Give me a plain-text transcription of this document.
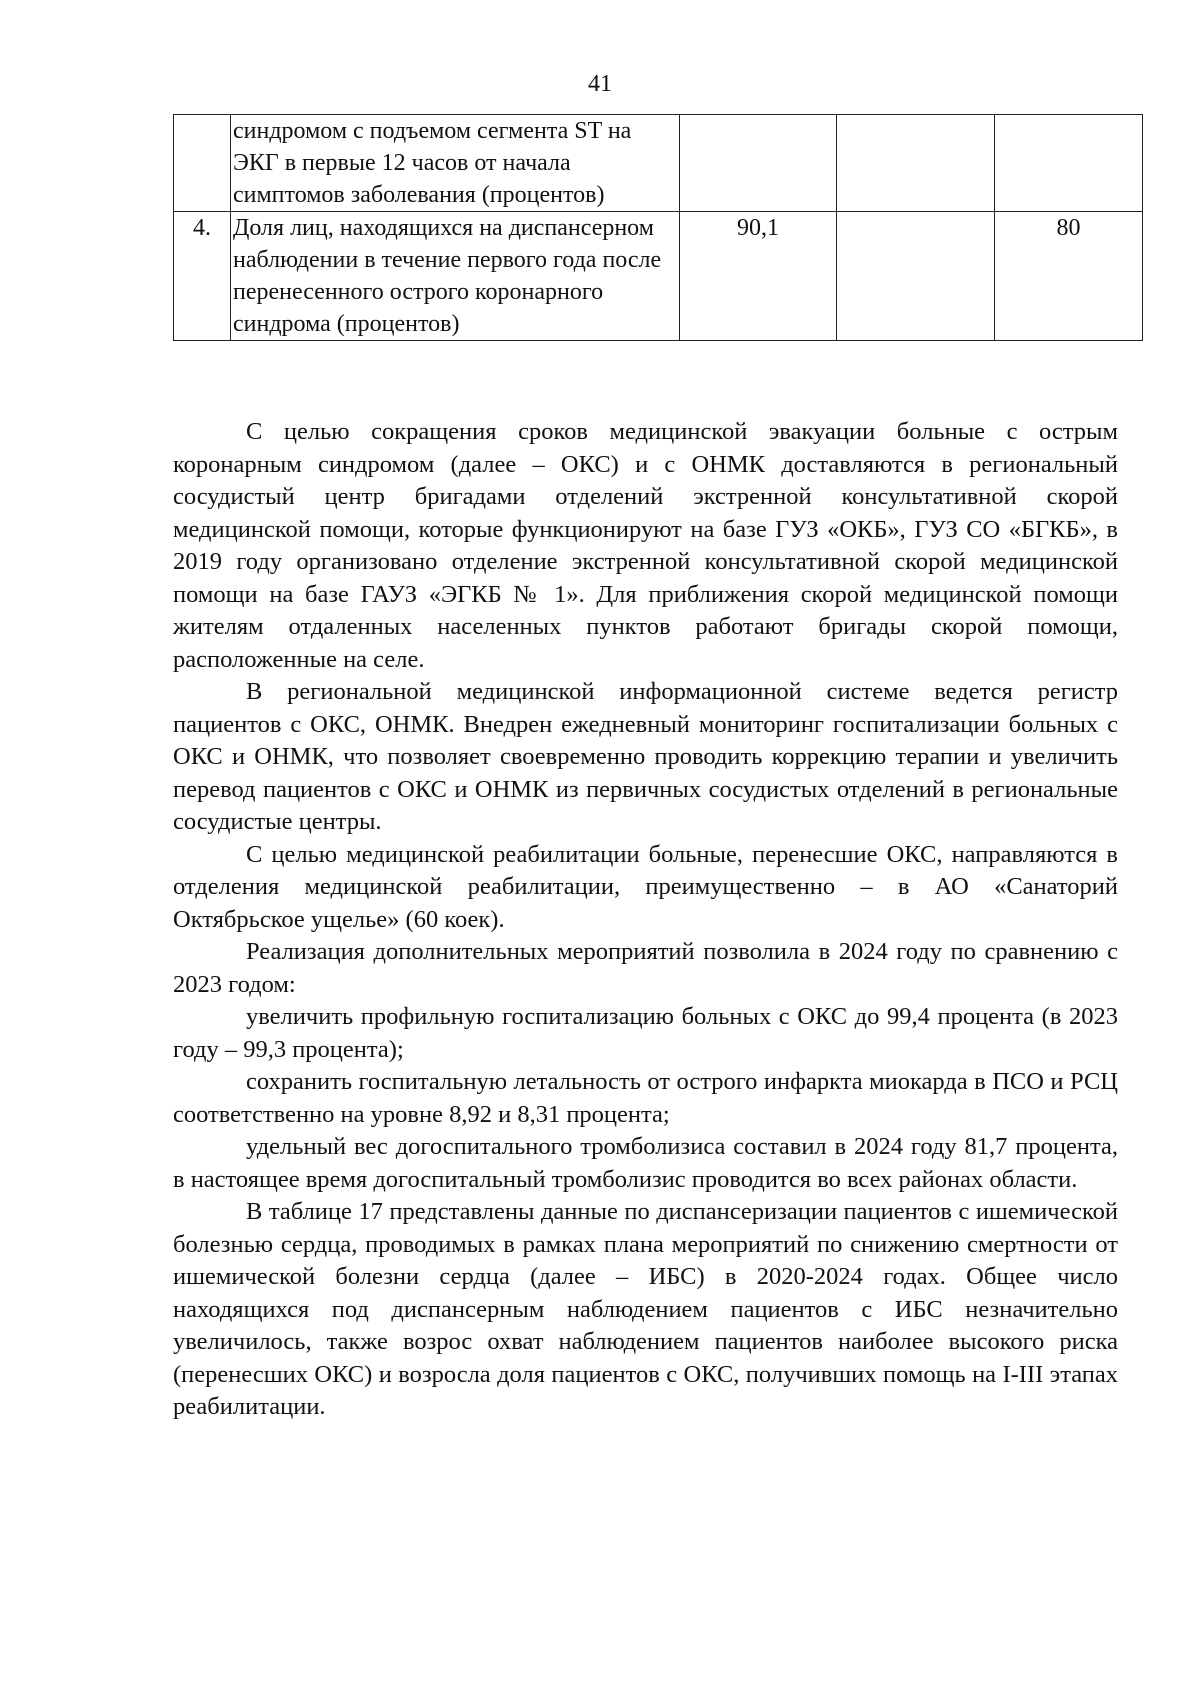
41
	синдромом с подъемом сегмента ST на ЭКГ в первые 12 часов от начала симптомов заболевания (процентов)			
4.	Доля лиц, находящихся на диспансерном наблюдении в течение первого года после перенесенного острого коронарного синдрома (процентов)	90,1		80

С целью сокращения сроков медицинской эвакуации больные с острым коронарным синдромом (далее – ОКС) и с ОНМК доставляются в региональный сосудистый центр бригадами отделений экстренной консультативной скорой медицинской помощи, которые функционируют на базе ГУЗ «ОКБ», ГУЗ СО «БГКБ», в 2019 году организовано отделение экстренной консультативной скорой медицинской помощи на базе ГАУЗ «ЭГКБ № 1». Для приближения скорой медицинской помощи жителям отдаленных населенных пунктов работают бригады скорой помощи, расположенные на селе.

В региональной медицинской информационной системе ведется регистр пациентов с ОКС, ОНМК. Внедрен ежедневный мониторинг госпитализации больных с ОКС и ОНМК, что позволяет своевременно проводить коррекцию терапии и увеличить перевод пациентов с ОКС и ОНМК из первичных сосудистых отделений в региональные сосудистые центры.

С целью медицинской реабилитации больные, перенесшие ОКС, направляются в отделения медицинской реабилитации, преимущественно – в АО «Санаторий Октябрьское ущелье» (60 коек).

Реализация дополнительных мероприятий позволила в 2024 году по сравнению с 2023 годом:

увеличить профильную госпитализацию больных с ОКС до 99,4 процента (в 2023 году – 99,3 процента);

сохранить госпитальную летальность от острого инфаркта миокарда в ПСО и РСЦ соответственно на уровне 8,92 и 8,31 процента;

удельный вес догоспитального тромболизиса составил в 2024 году 81,7 процента, в настоящее время догоспитальный тромболизис проводится во всех районах области.

В таблице 17 представлены данные по диспансеризации пациентов с ишемической болезнью сердца, проводимых в рамках плана мероприятий по снижению смертности от ишемической болезни сердца (далее – ИБС) в 2020-2024 годах. Общее число находящихся под диспансерным наблюдением пациентов с ИБС незначительно увеличилось, также возрос охват наблюдением пациентов наиболее высокого риска (перенесших ОКС) и возросла доля пациентов с ОКС, получивших помощь на I-III этапах реабилитации.
